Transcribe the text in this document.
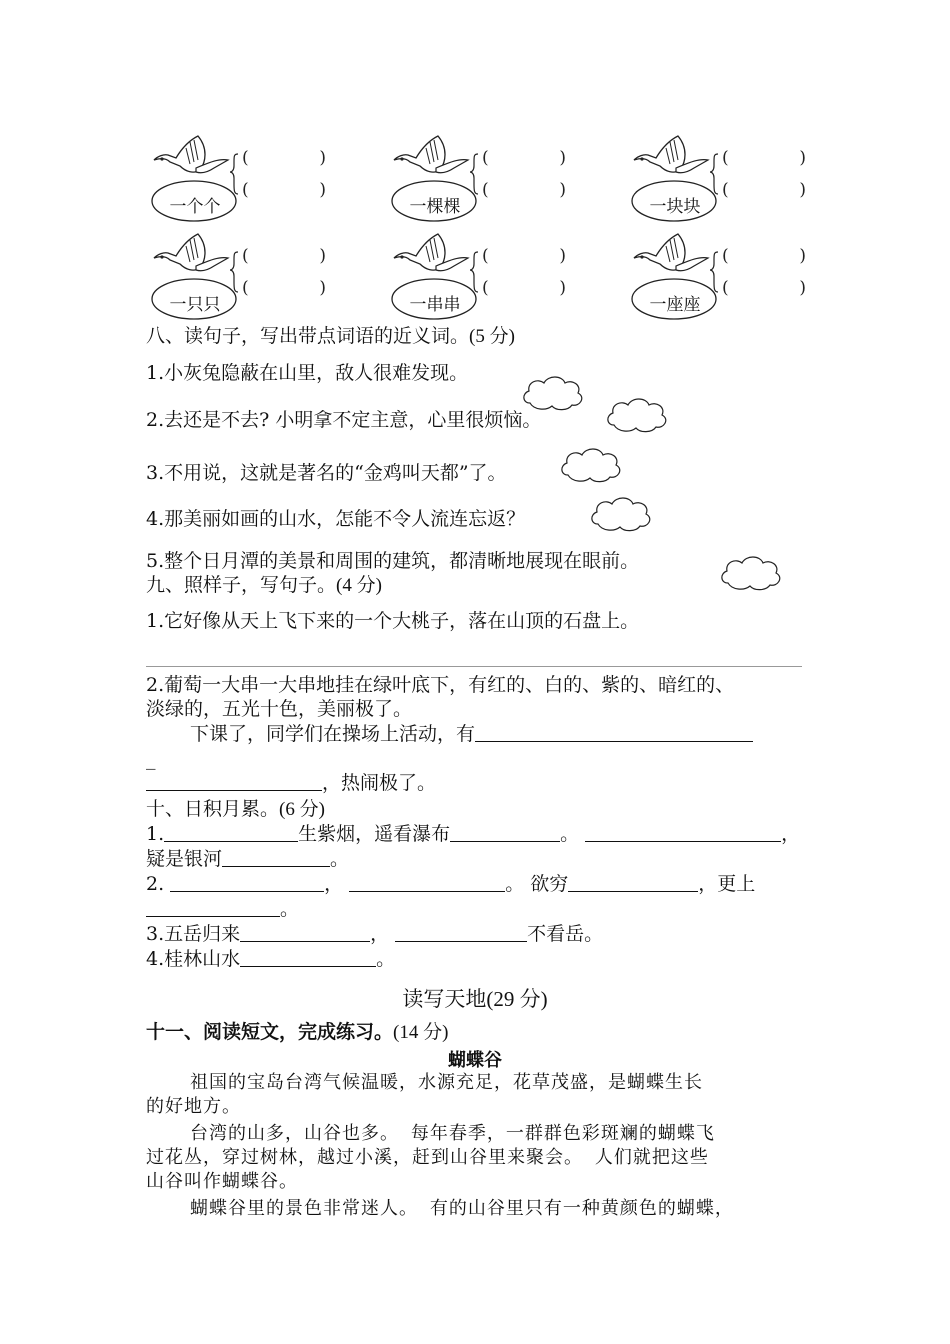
一个个
(	)
(	)
一棵棵
(	)
(	)
一块块
(	)
(	)
一只只
(	)
(	)
一串串
(	)
(	)
一座座
(	)
(	)
八、读句子，写出带点词语的近义词。(5 分)
1.小灰兔隐蔽在山里，敌人很难发现。
2.去还是不去? 小明拿不定主意，心里很烦恼。
3.不用说，这就是著名的“金鸡叫天都”了。
4.那美丽如画的山水，怎能不令人流连忘返？
5.整个日月潭的美景和周围的建筑，都清晰地展现在眼前。
九、照样子，写句子。(4 分)
1.它好像从天上飞下来的一个大桃子，落在山顶的石盘上。
2.葡萄一大串一大串地挂在绿叶底下，有红的、白的、紫的、暗红的、
淡绿的，五光十色，美丽极了。
下课了，同学们在操场上活动，有
_
，热闹极了。
十、日积月累。(6 分)
1.	生紫烟，遥看瀑布	。	，
疑是银河	。
2.	，	。 欲穷	，更上
。
3.五岳归来	，	不看岳。
4.桂林山水	。
读写天地(29 分)
十一、阅读短文，完成练习。(14 分)
蝴蝶谷
祖国的宝岛台湾气候温暖，水源充足，花草茂盛，是蝴蝶生长
的好地方。
台湾的山多，山谷也多。 每年春季，一群群色彩斑斓的蝴蝶飞
过花丛，穿过树林，越过小溪，赶到山谷里来聚会。 人们就把这些
山谷叫作蝴蝶谷。
蝴蝶谷里的景色非常迷人。 有的山谷里只有一种黄颜色的蝴蝶，
